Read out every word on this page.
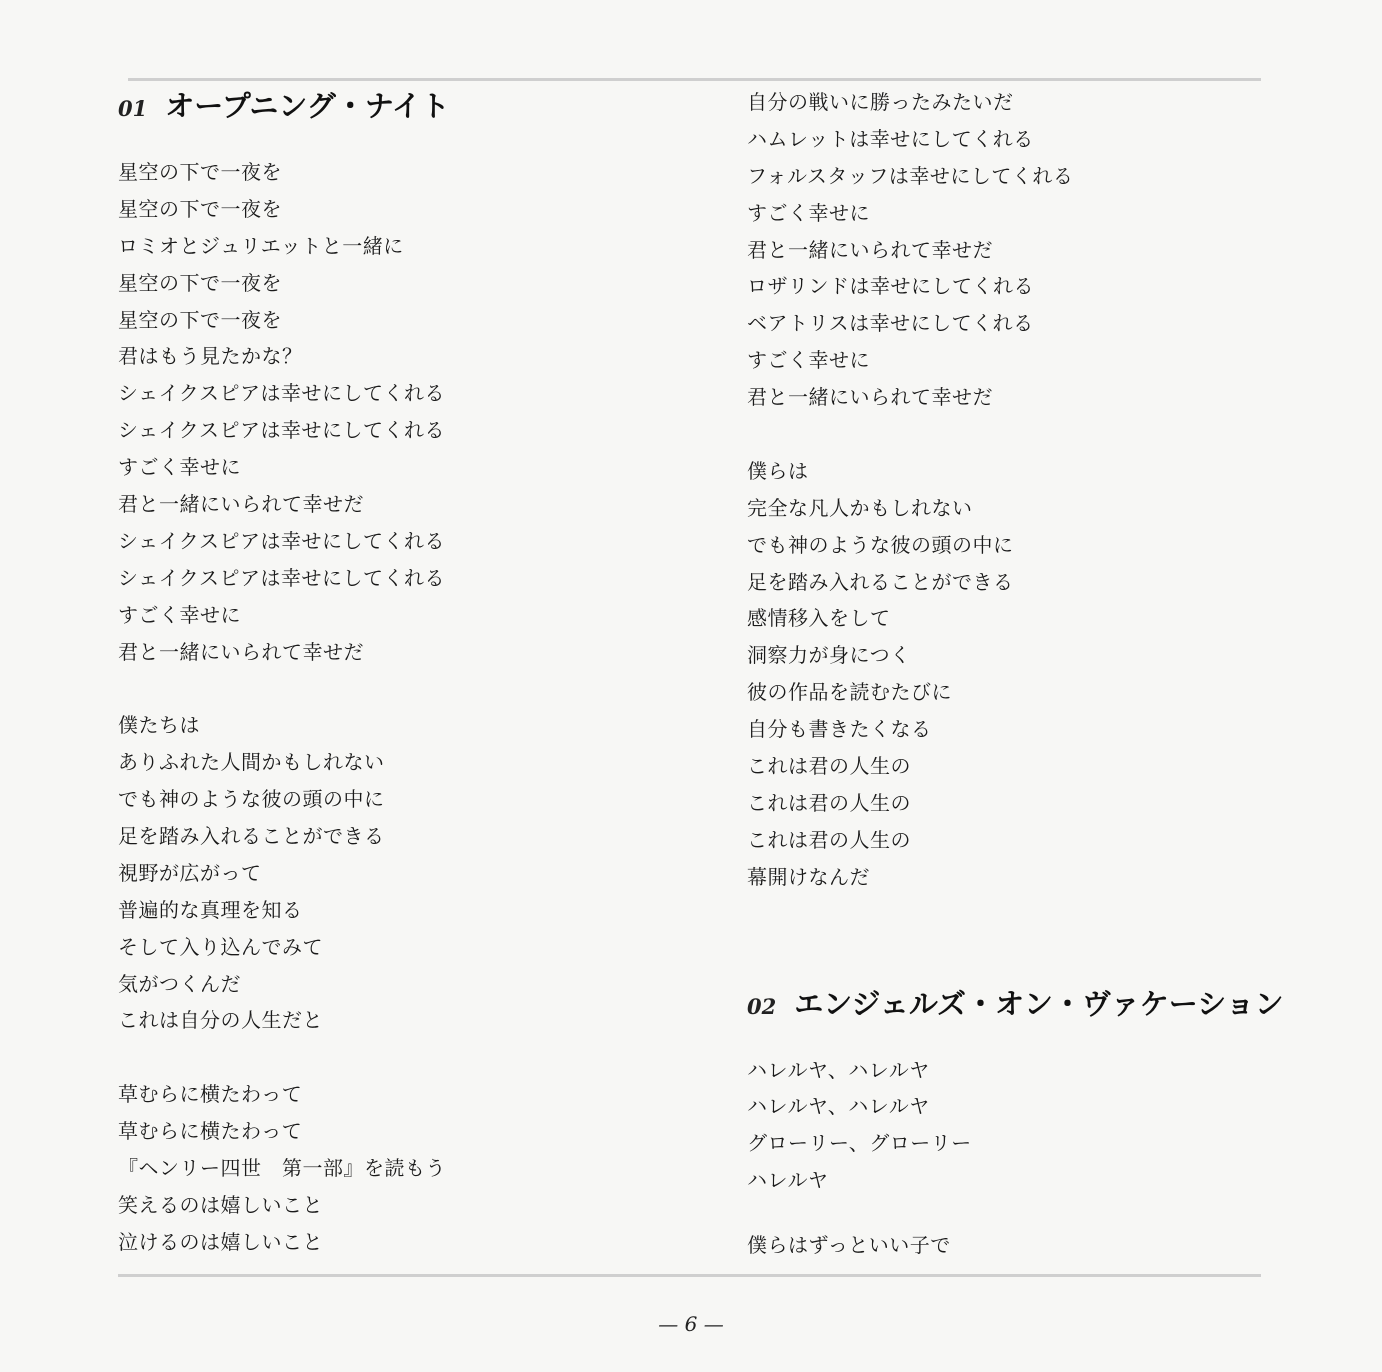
01 オープニング・ナイト
星空の下で一夜を
星空の下で一夜を
ロミオとジュリエットと一緒に
星空の下で一夜を
星空の下で一夜を
君はもう見たかな？
シェイクスピアは幸せにしてくれる
シェイクスピアは幸せにしてくれる
すごく幸せに
君と一緒にいられて幸せだ
シェイクスピアは幸せにしてくれる
シェイクスピアは幸せにしてくれる
すごく幸せに
君と一緒にいられて幸せだ
僕たちは
ありふれた人間かもしれない
でも神のような彼の頭の中に
足を踏み入れることができる
視野が広がって
普遍的な真理を知る
そして入り込んでみて
気がつくんだ
これは自分の人生だと
草むらに横たわって
草むらに横たわって
『ヘンリー四世　第一部』を読もう
笑えるのは嬉しいこと
泣けるのは嬉しいこと
自分の戦いに勝ったみたいだ
ハムレットは幸せにしてくれる
フォルスタッフは幸せにしてくれる
すごく幸せに
君と一緒にいられて幸せだ
ロザリンドは幸せにしてくれる
ベアトリスは幸せにしてくれる
すごく幸せに
君と一緒にいられて幸せだ
僕らは
完全な凡人かもしれない
でも神のような彼の頭の中に
足を踏み入れることができる
感情移入をして
洞察力が身につく
彼の作品を読むたびに
自分も書きたくなる
これは君の人生の
これは君の人生の
これは君の人生の
幕開けなんだ
02 エンジェルズ・オン・ヴァケーション
ハレルヤ、ハレルヤ
ハレルヤ、ハレルヤ
グローリー、グローリー
ハレルヤ
僕らはずっといい子で
— 6 —
